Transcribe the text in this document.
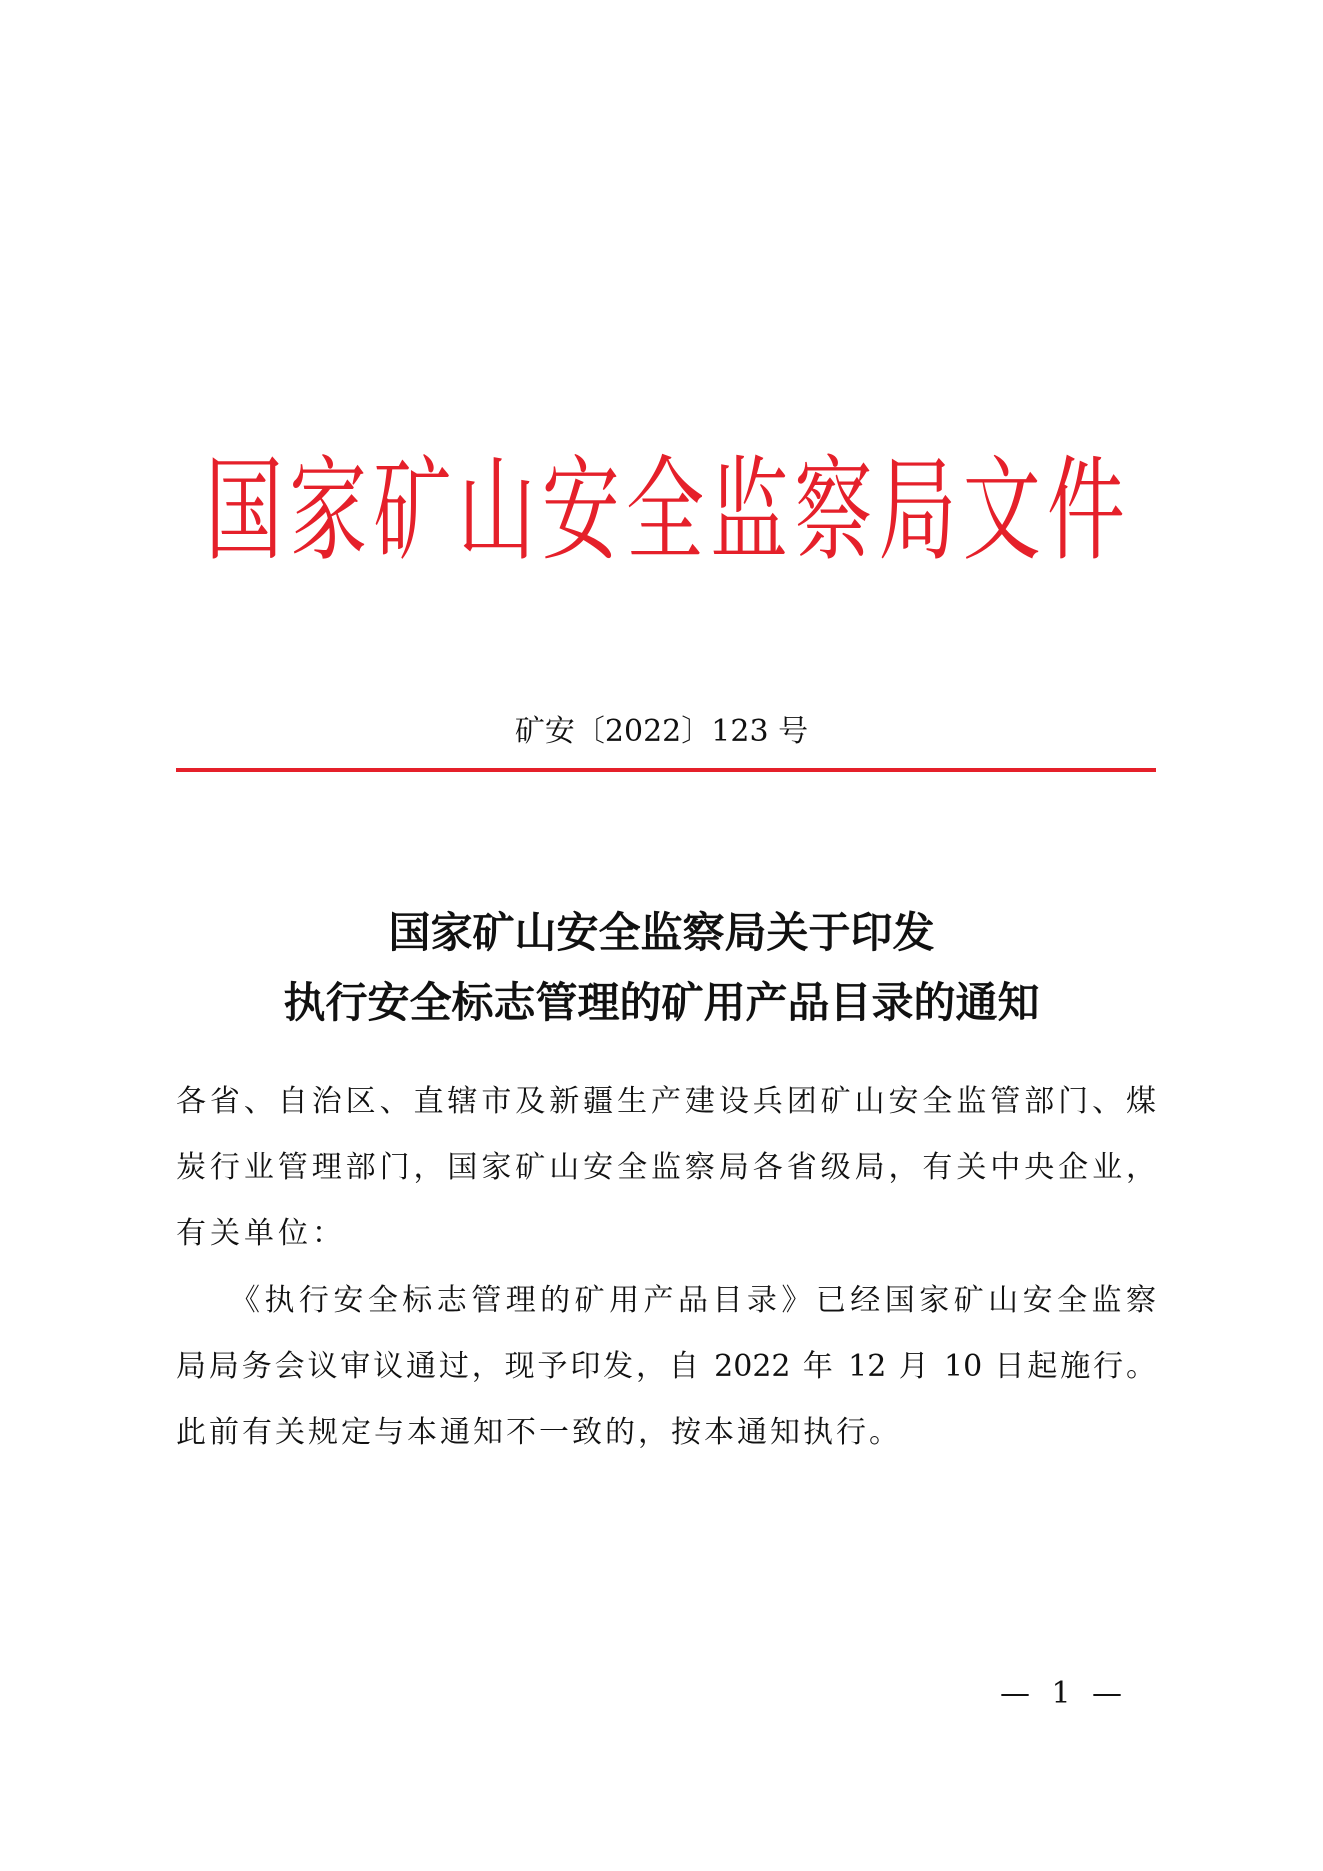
国 家 矿 山 安 全 监 察 局 文 件
矿安〔2022〕123 号
国家矿山安全监察局关于印发
执行安全标志管理的矿用产品目录的通知
各省、自治区、直辖市及新疆生产建设兵团矿山安全监管部门、煤
炭行业管理部门，国家矿山安全监察局各省级局，有关中央企业，
有关单位：
《执行安全标志管理的矿用产品目录》已经国家矿山安全监察
局局务会议审议通过，现予印发，自 2022 年 12 月 10 日起施行。
此前有关规定与本通知不一致的，按本通知执行。
— 1 —
